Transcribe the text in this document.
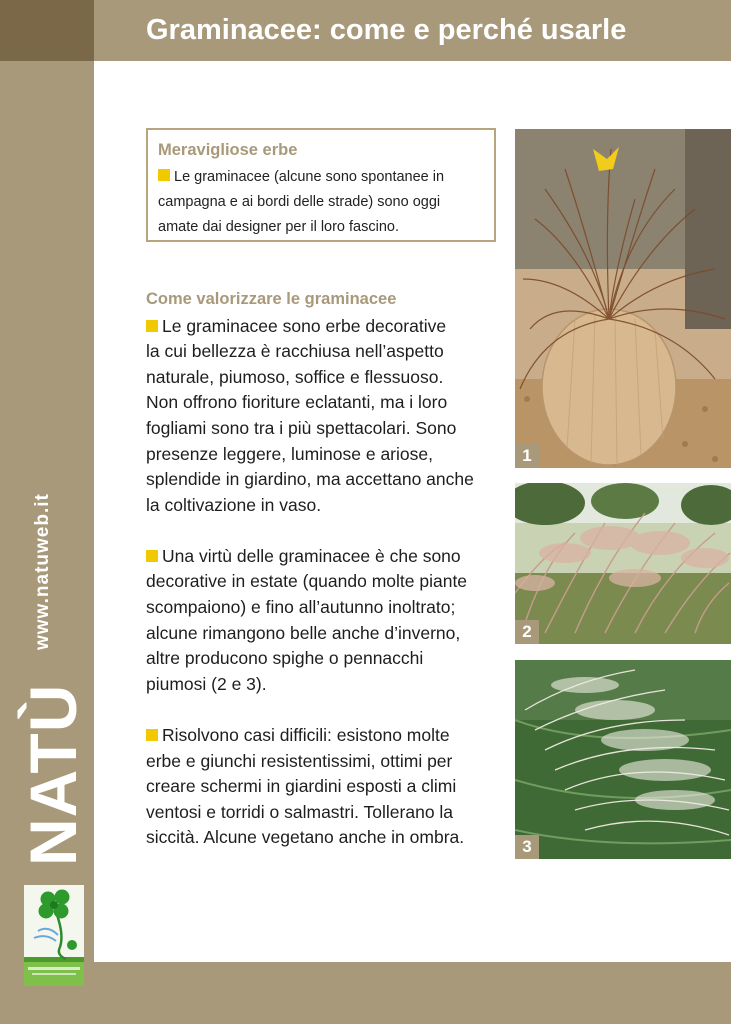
Graminacee: come e perché usarle
www.natuweb.it
NATÙ
Meravigliose erbe
Le graminacee (alcune sono spontanee in
campagna e ai bordi delle strade) sono oggi
amate dai designer per il loro fascino.
Come valorizzare le graminacee
Le graminacee sono erbe decorative
la cui bellezza è racchiusa nell’aspetto
naturale, piumoso, soffice e flessuoso.
Non offrono fioriture eclatanti, ma i loro
fogliami sono tra i più spettacolari. Sono
presenze leggere, luminose e ariose,
splendide in giardino, ma accettano anche
la coltivazione in vaso.
Una virtù delle graminacee è che sono
decorative in estate (quando molte piante
scompaiono) e fino all’autunno inoltrato;
alcune rimangono belle anche d’inverno,
altre producono spighe o pennacchi
piumosi (2 e 3).
Risolvono casi difficili: esistono molte
erbe e giunchi resistentissimi, ottimi per
creare schermi in giardini esposti a climi
ventosi e torridi o salmastri. Tollerano la
siccità. Alcune vegetano anche in ombra.
1
2
3
